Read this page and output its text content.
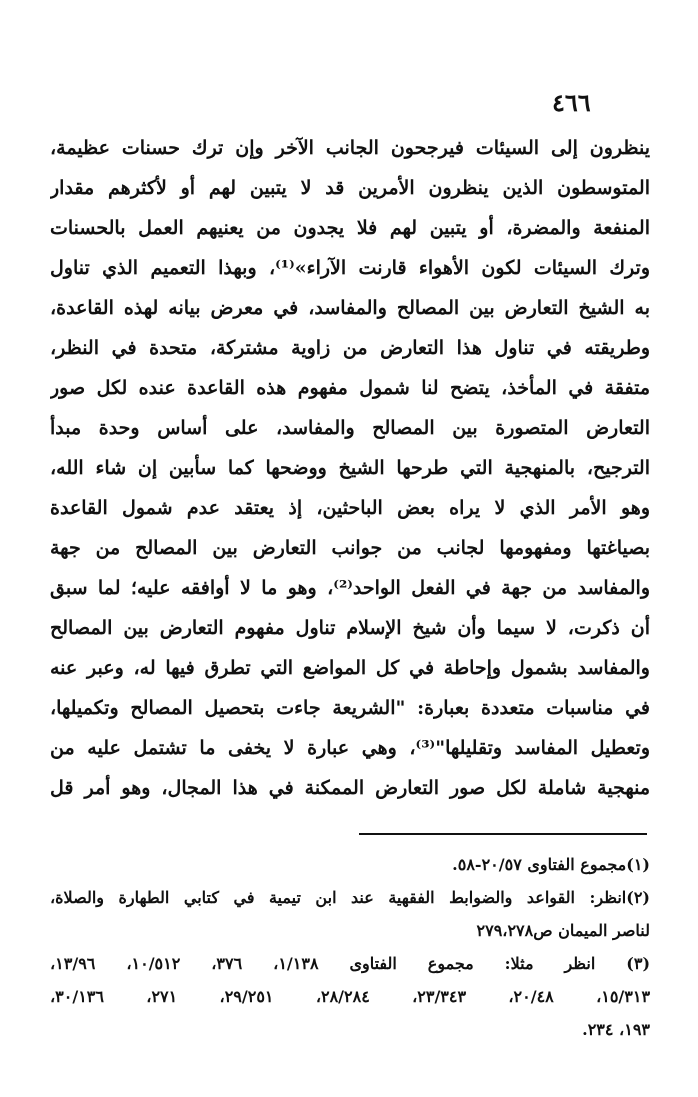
٤٦٦
ينظرون إلى السيئات فيرجحون الجانب الآخر وإن ترك حسنات عظيمة،
المتوسطون الذين ينظرون الأمرين قد لا يتبين لهم أو لأكثرهم مقدار
المنفعة والمضرة، أو يتبين لهم فلا يجدون من يعنيهم العمل بالحسنات
وترك السيئات لكون الأهواء قارنت الآراء»⁽¹⁾، وبهذا التعميم الذي تناول
به الشيخ التعارض بين المصالح والمفاسد، في معرض بيانه لهذه القاعدة،
وطريقته في تناول هذا التعارض من زاوية مشتركة، متحدة في النظر،
متفقة في المأخذ، يتضح لنا شمول مفهوم هذه القاعدة عنده لكل صور
التعارض المتصورة بين المصالح والمفاسد، على أساس وحدة مبدأ
الترجيح، بالمنهجية التي طرحها الشيخ ووضحها كما سأبين إن شاء الله،
وهو الأمر الذي لا يراه بعض الباحثين، إذ يعتقد عدم شمول القاعدة
بصياغتها ومفهومها لجانب من جوانب التعارض بين المصالح من جهة
والمفاسد من جهة في الفعل الواحد⁽²⁾، وهو ما لا أوافقه عليه؛ لما سبق
أن ذكرت، لا سيما وأن شيخ الإسلام تناول مفهوم التعارض بين المصالح
والمفاسد بشمول وإحاطة في كل المواضع التي تطرق فيها له، وعبر عنه
في مناسبات متعددة بعبارة: "الشريعة جاءت بتحصيل المصالح وتكميلها،
وتعطيل المفاسد وتقليلها"⁽³⁾، وهي عبارة لا يخفى ما تشتمل عليه من
منهجية شاملة لكل صور التعارض الممكنة في هذا المجال، وهو أمر قل
(١)مجموع الفتاوى ٢٠/٥٧-٥٨.
(٢)انظر: القواعد والضوابط الفقهية عند ابن تيمية في كتابي الطهارة والصلاة،
لناصر الميمان ص٢٧٩،٢٧٨
(٣) انظر مثلا: مجموع الفتاوى ١/١٣٨، ٣٧٦، ١٠/٥١٢، ١٣/٩٦،
١٥/٣١٣، ٢٠/٤٨، ٢٣/٣٤٣، ٢٨/٢٨٤، ٢٩/٢٥١، ٢٧١، ٣٠/١٣٦،
١٩٣، ٢٣٤.
